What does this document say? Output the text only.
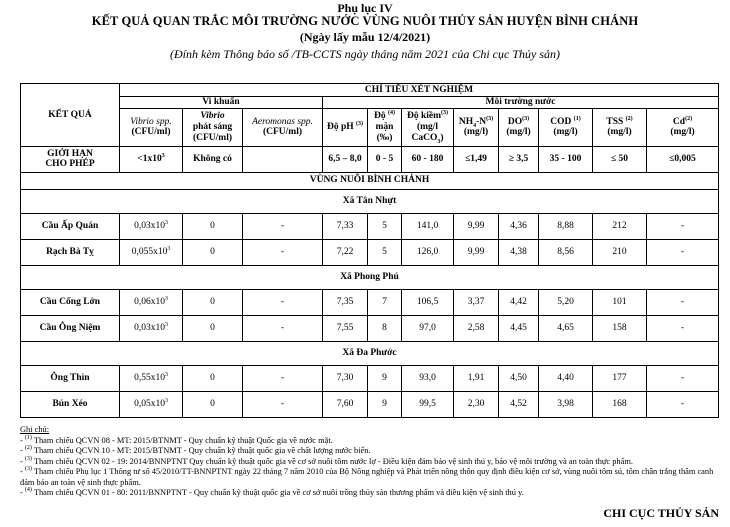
Phụ lục IV
KẾT QUẢ QUAN TRẮC MÔI TRƯỜNG NƯỚC VÙNG NUÔI THỦY SẢN HUYỆN BÌNH CHÁNH
(Ngày lấy mẫu 12/4/2021)
(Đính kèm Thông báo số /TB-CCTS ngày tháng năm 2021 của Chi cục Thủy sản)
KẾT QUẢ	CHỈ TIÊU XÉT NGHIỆM										
	Vi khuẩn			Môi trường nước							
	Vibrio spp.
(CFU/ml)	Vibrio
phát sáng
(CFU/ml)	Aeromonas spp.
(CFU/ml)	Độ pH $^{(3)}$	Độ $^{(4)}$
mặn
(‰)	Độ kiềm$^{(3)}$
(mg/l
CaCO$_3$)	$NH_4-N^{(3)}$
(mg/l)	DO$^{(3)}$
(mg/l)	COD $^{(1)}$
(mg/l)	TSS $^{(2)}$
(mg/l)	Cd$^{(2)}$
(mg/l)
GIỚI HẠN
CHO PHÉP	$<1x10^3$	Không có		6,5 – 8,0	0 - 5	60 - 180	≤1,49	≥ 3,5	35 - 100	≤ 50	≤0,005
VÙNG NUÔI BÌNH CHÁNH											
Xã Tân Nhựt											
Cầu Ấp Quán	$0,03x10^3$	0	-	7,33	5	141,0	9,99	4,36	8,88	212	-
Rạch Bà Tỵ	$0,055x10^3$	0	-	7,22	5	126,0	9,99	4,38	8,56	210	-
Xã Phong Phú											
Cầu Cống Lớn	$0,06x10^3$	0	-	7,35	7	106,5	3,37	4,42	5,20	101	-
Cầu Ông Niệm	$0,03x10^3$	0	-	7,55	8	97,0	2,58	4,45	4,65	158	-
Xã Đa Phước											
Ông Thìn	$0,55x10^3$	0	-	7,30	9	93,0	1,91	4,50	4,40	177	-
Bún Xéo	$0,05x10^3$	0	-	7,60	9	99,5	2,30	4,52	3,98	168	-
Ghi chú:
- $^{(1)}$ Tham chiếu QCVN 08 - MT: 2015/BTNMT - Quy chuẩn kỹ thuật Quốc gia về nước mặt.
- $^{(2)}$ Tham chiếu QCVN 10 - MT: 2015/BTNMT - Quy chuẩn kỹ thuật quốc gia về chất lượng nước biển.
- $^{(3)}$ Tham chiếu QCVN 02 - 19: 2014/BNNPTNT Quy chuẩn kỹ thuật quốc gia về cơ sở nuôi tôm nước lợ - Điều kiện đảm bảo vệ sinh thú y, bảo vệ môi trường và an toàn thực phẩm.
- $^{(3)}$ Tham chiếu Phụ lục 1 Thông tư số 45/2010/TT-BNNPTNT ngày 22 tháng 7 năm 2010 của Bộ Nông nghiệp và Phát triển nông thôn quy định điều kiện cơ sở, vùng nuôi tôm sú, tôm chân trắng thâm canh đảm bảo an toàn vệ sinh thực phẩm.
- $^{(4)}$ Tham chiếu QCVN 01 - 80: 2011/BNNPTNT - Quy chuẩn kỹ thuật quốc gia về cơ sở nuôi trồng thủy sản thương phẩm và điều kiện vệ sinh thú y.
CHI CỤC THỦY SẢN
